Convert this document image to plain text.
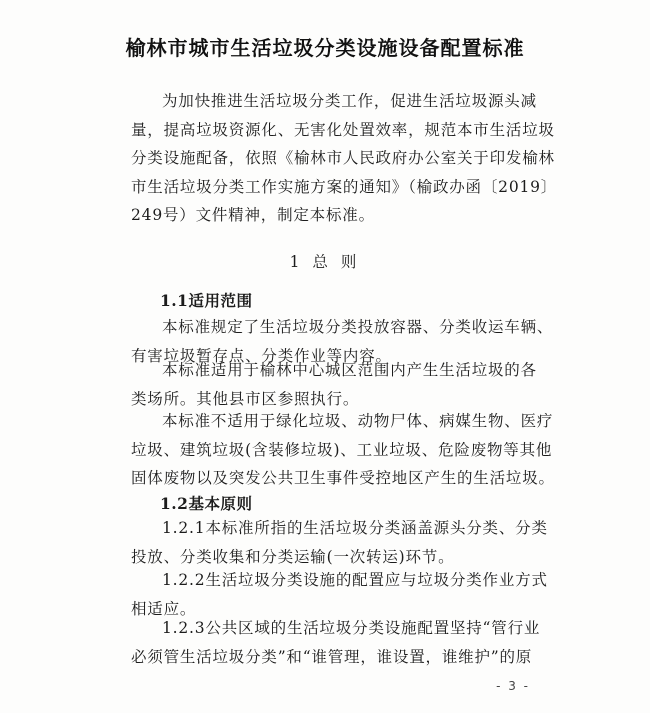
榆林市城市生活垃圾分类设施设备配置标准
为加快推进生活垃圾分类工作，促进生活垃圾源头减
量，提高垃圾资源化、无害化处置效率，规范本市生活垃圾
分类设施配备，依照《榆林市人民政府办公室关于印发榆林
市生活垃圾分类工作实施方案的通知》（榆政办函〔2019〕
249号）文件精神，制定本标准。
1 总 则
1.1适用范围
本标准规定了生活垃圾分类投放容器、分类收运车辆、
有害垃圾暂存点、分类作业等内容。
本标准适用于榆林中心城区范围内产生生活垃圾的各
类场所。其他县市区参照执行。
本标准不适用于绿化垃圾、动物尸体、病媒生物、医疗
垃圾、建筑垃圾(含装修垃圾)、工业垃圾、危险废物等其他
固体废物以及突发公共卫生事件受控地区产生的生活垃圾。
1.2基本原则
1.2.1本标准所指的生活垃圾分类涵盖源头分类、分类
投放、分类收集和分类运输(一次转运)环节。
1.2.2生活垃圾分类设施的配置应与垃圾分类作业方式
相适应。
1.2.3公共区域的生活垃圾分类设施配置坚持“管行业
必须管生活垃圾分类”和“谁管理，谁设置，谁维护”的原
- 3 -
